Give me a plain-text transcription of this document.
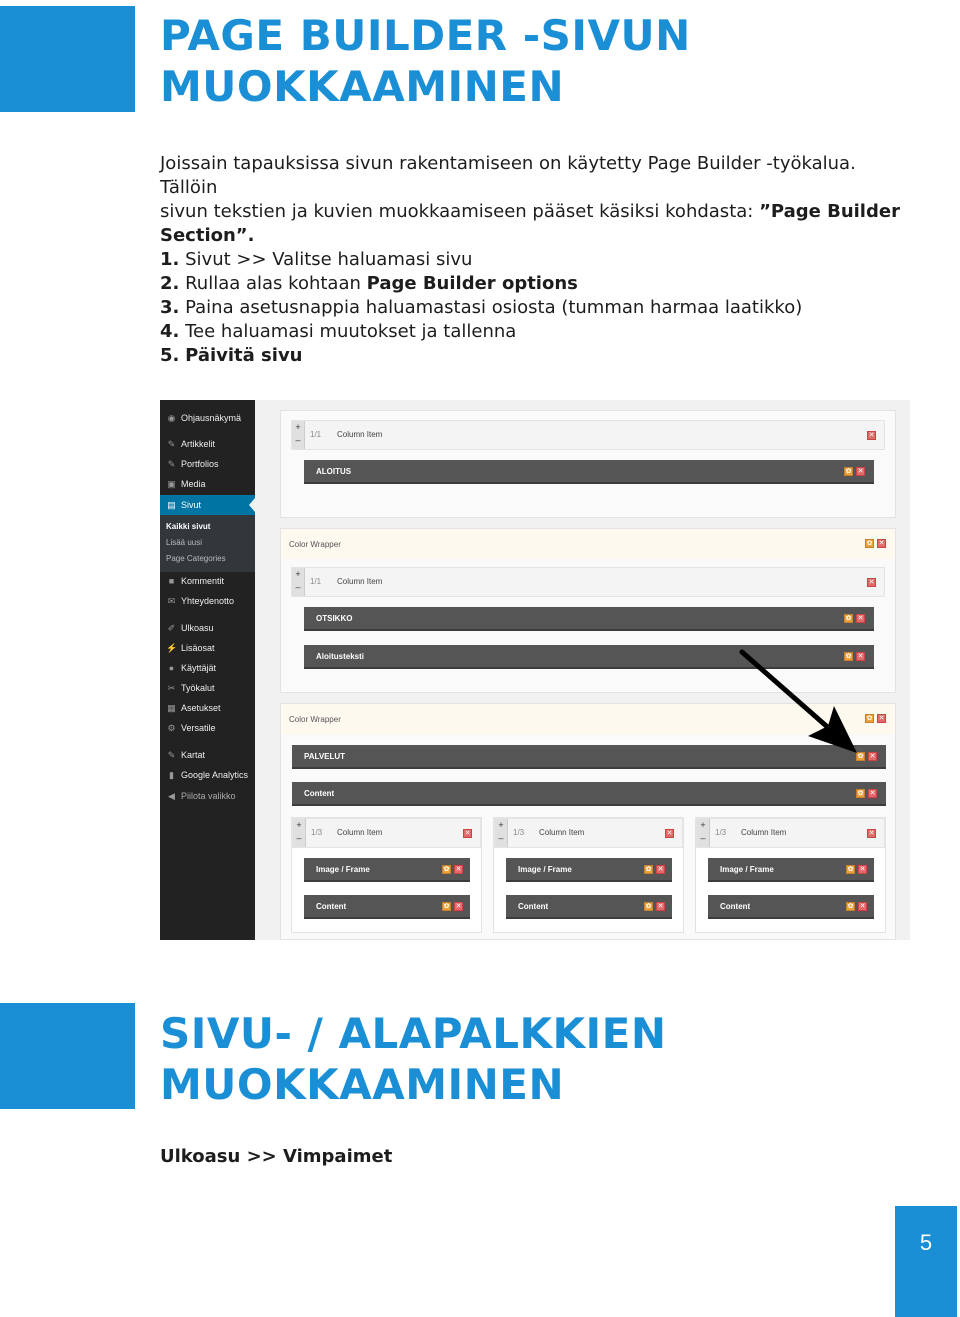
PAGE BUILDER -SIVUN
MUOKKAAMINEN

Joissain tapauksissa sivun rakentamiseen on käytetty Page Builder -työkalua. Tällöin
sivun tekstien ja kuvien muokkaamiseen pääset käsiksi kohdasta: ”Page Builder
Section”.

1. Sivut >> Valitse haluamasi sivu
2. Rullaa alas kohtaan Page Builder options
3. Paina asetusnappia haluamastasi osiosta (tumman harmaa laatikko)
4. Tee haluamasi muutokset ja tallenna
5. Päivitä sivu
◉ Ohjausnäkymä
✎ Artikkelit
✎ Portfolios
▣ Media
▤ Sivut
Kaikki sivut
Lisää uusi
Page Categories
■ Kommentit
✉ Yhteydenotto
✐ Ulkoasu
⚡ Lisäosat
● Käyttäjät
✂ Työkalut
▦ Asetukset
⚙ Versatile
✎ Kartat
▮ Google Analytics
◀ Piilota valikko
+
–
1/1 Column Item	✕
ALOITUS	✿ ✕
Color Wrapper	✿ ✕
+
–
1/1 Column Item	✕
OTSIKKO	✿ ✕
Aloitusteksti	✿ ✕
Color Wrapper	✿ ✕
PALVELUT	✿ ✕
Content	✿ ✕
+
–
1/3 Column Item	✕
Image / Frame	✿ ✕
Content	✿ ✕
+
–
1/3 Column Item	✕
Image / Frame	✿ ✕
Content	✿ ✕
+
–
1/3 Column Item	✕
Image / Frame	✿ ✕
Content	✿ ✕
SIVU- / ALAPALKKIEN
MUOKKAAMINEN
Ulkoasu >> Vimpaimet
5
